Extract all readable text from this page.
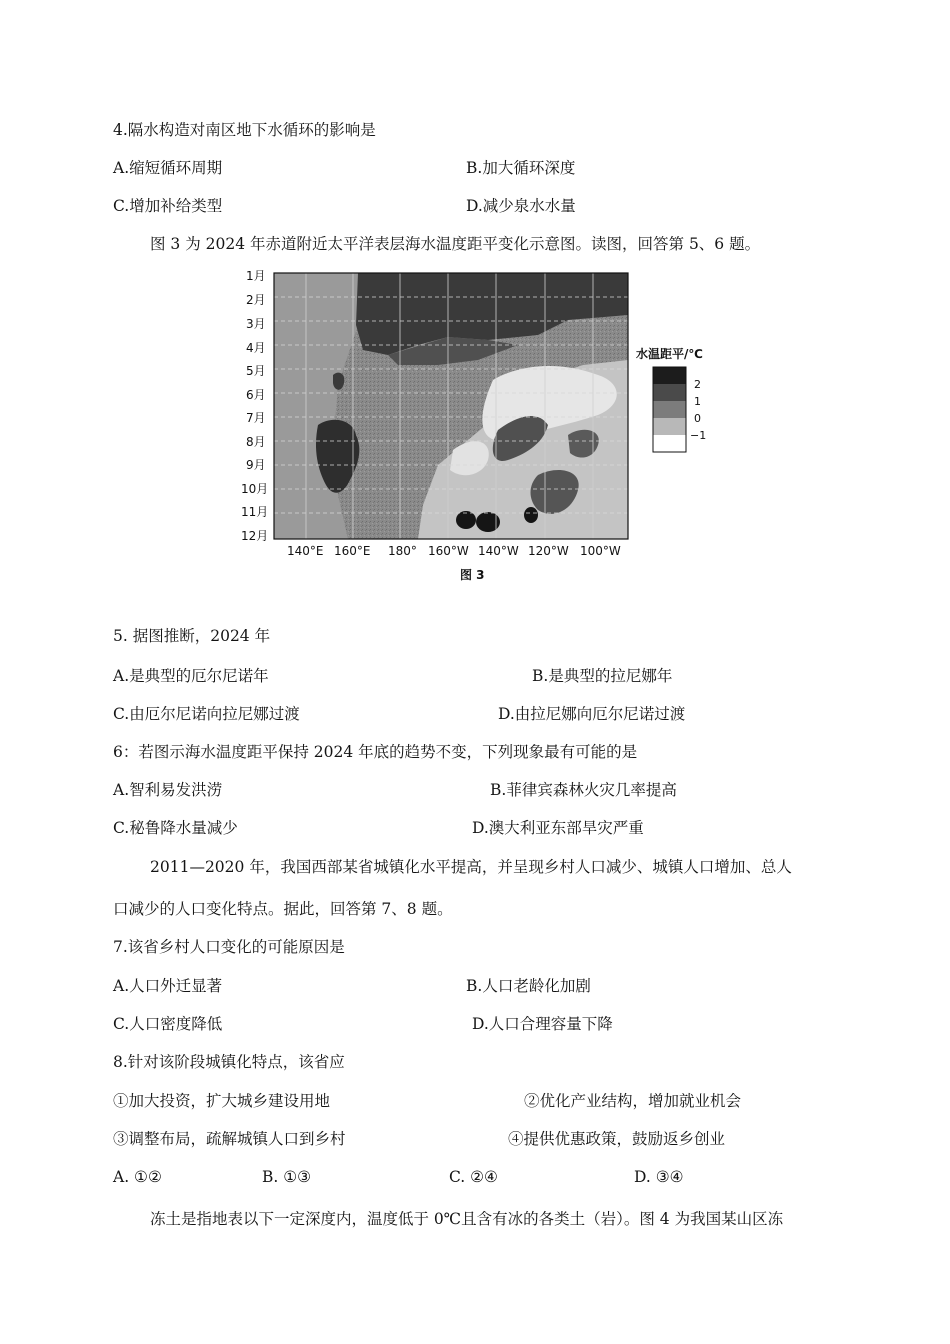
4.隔水构造对南区地下水循环的影响是
A.缩短循环周期	B.加大循环深度
C.增加补给类型	D.减少泉水水量
图 3 为 2024 年赤道附近太平洋表层海水温度距平变化示意图。读图，回答第 5、6 题。
1月
2月
3月
4月
5月
6月
7月
8月
9月
10月
11月
12月
140°E 160°E 180° 160°W 140°W 120°W 100°W
水温距平/℃
2
1
0
−1
图 3
5. 据图推断，2024 年
A.是典型的厄尔尼诺年	B.是典型的拉尼娜年
C.由厄尔尼诺向拉尼娜过渡	D.由拉尼娜向厄尔尼诺过渡
6：若图示海水温度距平保持 2024 年底的趋势不变，下列现象最有可能的是
A.智利易发洪涝	B.菲律宾森林火灾几率提高
C.秘鲁降水量减少	D.澳大利亚东部旱灾严重
2011—2020 年，我国西部某省城镇化水平提高，并呈现乡村人口减少、城镇人口增加、总人
口减少的人口变化特点。据此，回答第 7、8 题。
7.该省乡村人口变化的可能原因是
A.人口外迁显著	B.人口老龄化加剧
C.人口密度降低	D.人口合理容量下降
8.针对该阶段城镇化特点，该省应
①加大投资，扩大城乡建设用地	②优化产业结构，增加就业机会
③调整布局，疏解城镇人口到乡村	④提供优惠政策，鼓励返乡创业
A. ①②	B. ①③	C. ②④	D. ③④
冻土是指地表以下一定深度内，温度低于 0℃且含有冰的各类土（岩）。图 4 为我国某山区冻
